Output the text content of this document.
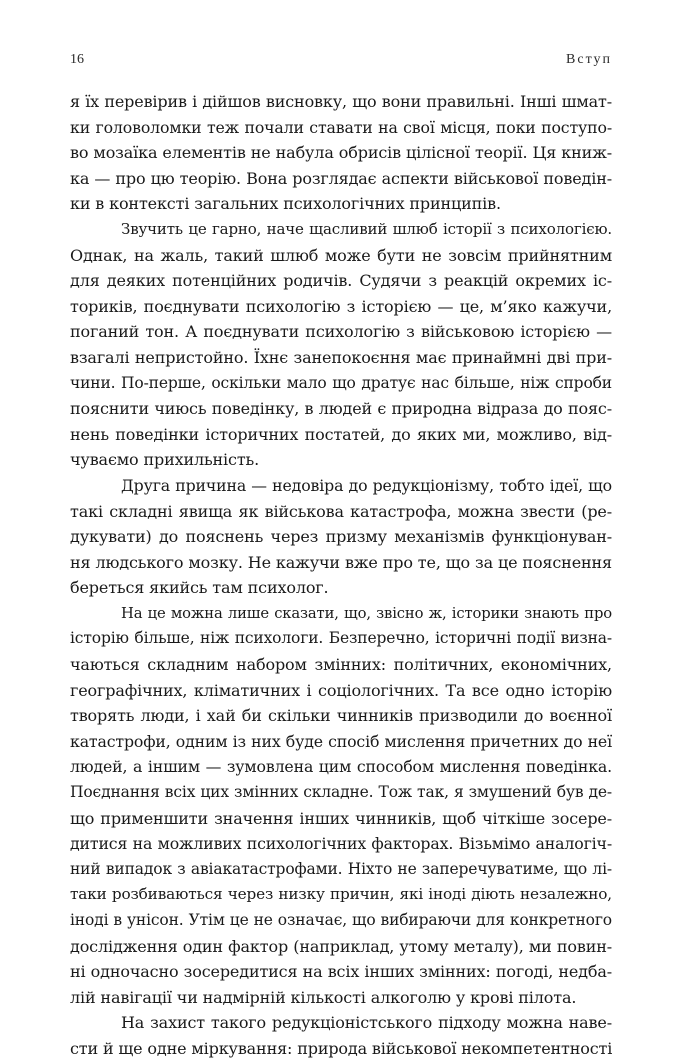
16	Вступ
я їх перевірив і дійшов висновку, що вони правильні. Інші шмат-
ки головоломки теж почали ставати на свої місця, поки поступо-
во мозаїка елементів не набула обрисів цілісної теорії. Ця книж-
ка — про цю теорію. Вона розглядає аспекти військової поведін-
ки в контексті загальних психологічних принципів.
Звучить це гарно, наче щасливий шлюб історії з психологією.
Однак, на жаль, такий шлюб може бути не зовсім прийнятним
для деяких потенційних родичів. Судячи з реакцій окремих іс-
ториків, поєднувати психологію з історією — це, м’яко кажучи,
поганий тон. А поєднувати психологію з військовою історією —
взагалі непристойно. Їхнє занепокоєння має принаймні дві при-
чини. По-перше, оскільки мало що дратує нас більше, ніж спроби
пояснити чиюсь поведінку, в людей є природна відраза до пояс-
нень поведінки історичних постатей, до яких ми, можливо, від-
чуваємо прихильність.
Друга причина — недовіра до редукціонізму, тобто ідеї, що
такі складні явища як військова катастрофа, можна звести (ре-
дукувати) до пояснень через призму механізмів функціонуван-
ня людського мозку. Не кажучи вже про те, що за це пояснення
береться якийсь там психолог.
На це можна лише сказати, що, звісно ж, історики знають про
історію більше, ніж психологи. Безперечно, історичні події визна-
чаються складним набором змінних: політичних, економічних,
географічних, кліматичних і соціологічних. Та все одно історію
творять люди, і хай би скільки чинників призводили до воєнної
катастрофи, одним із них буде спосіб мислення причетних до неї
людей, а іншим — зумовлена цим способом мислення поведінка.
Поєднання всіх цих змінних складне. Тож так, я змушений був де-
що применшити значення інших чинників, щоб чіткіше зосере-
дитися на можливих психологічних факторах. Візьмімо аналогіч-
ний випадок з авіакатастрофами. Ніхто не заперечуватиме, що лі-
таки розбиваються через низку причин, які іноді діють незалежно,
іноді в унісон. Утім це не означає, що вибираючи для конкретного
дослідження один фактор (наприклад, утому металу), ми повин-
ні одночасно зосередитися на всіх інших змінних: погоді, недба-
лій навігації чи надмірній кількості алкоголю у крові пілота.
На захист такого редукціоністського підходу можна наве-
сти й ще одне міркування: природа військової некомпетентності
